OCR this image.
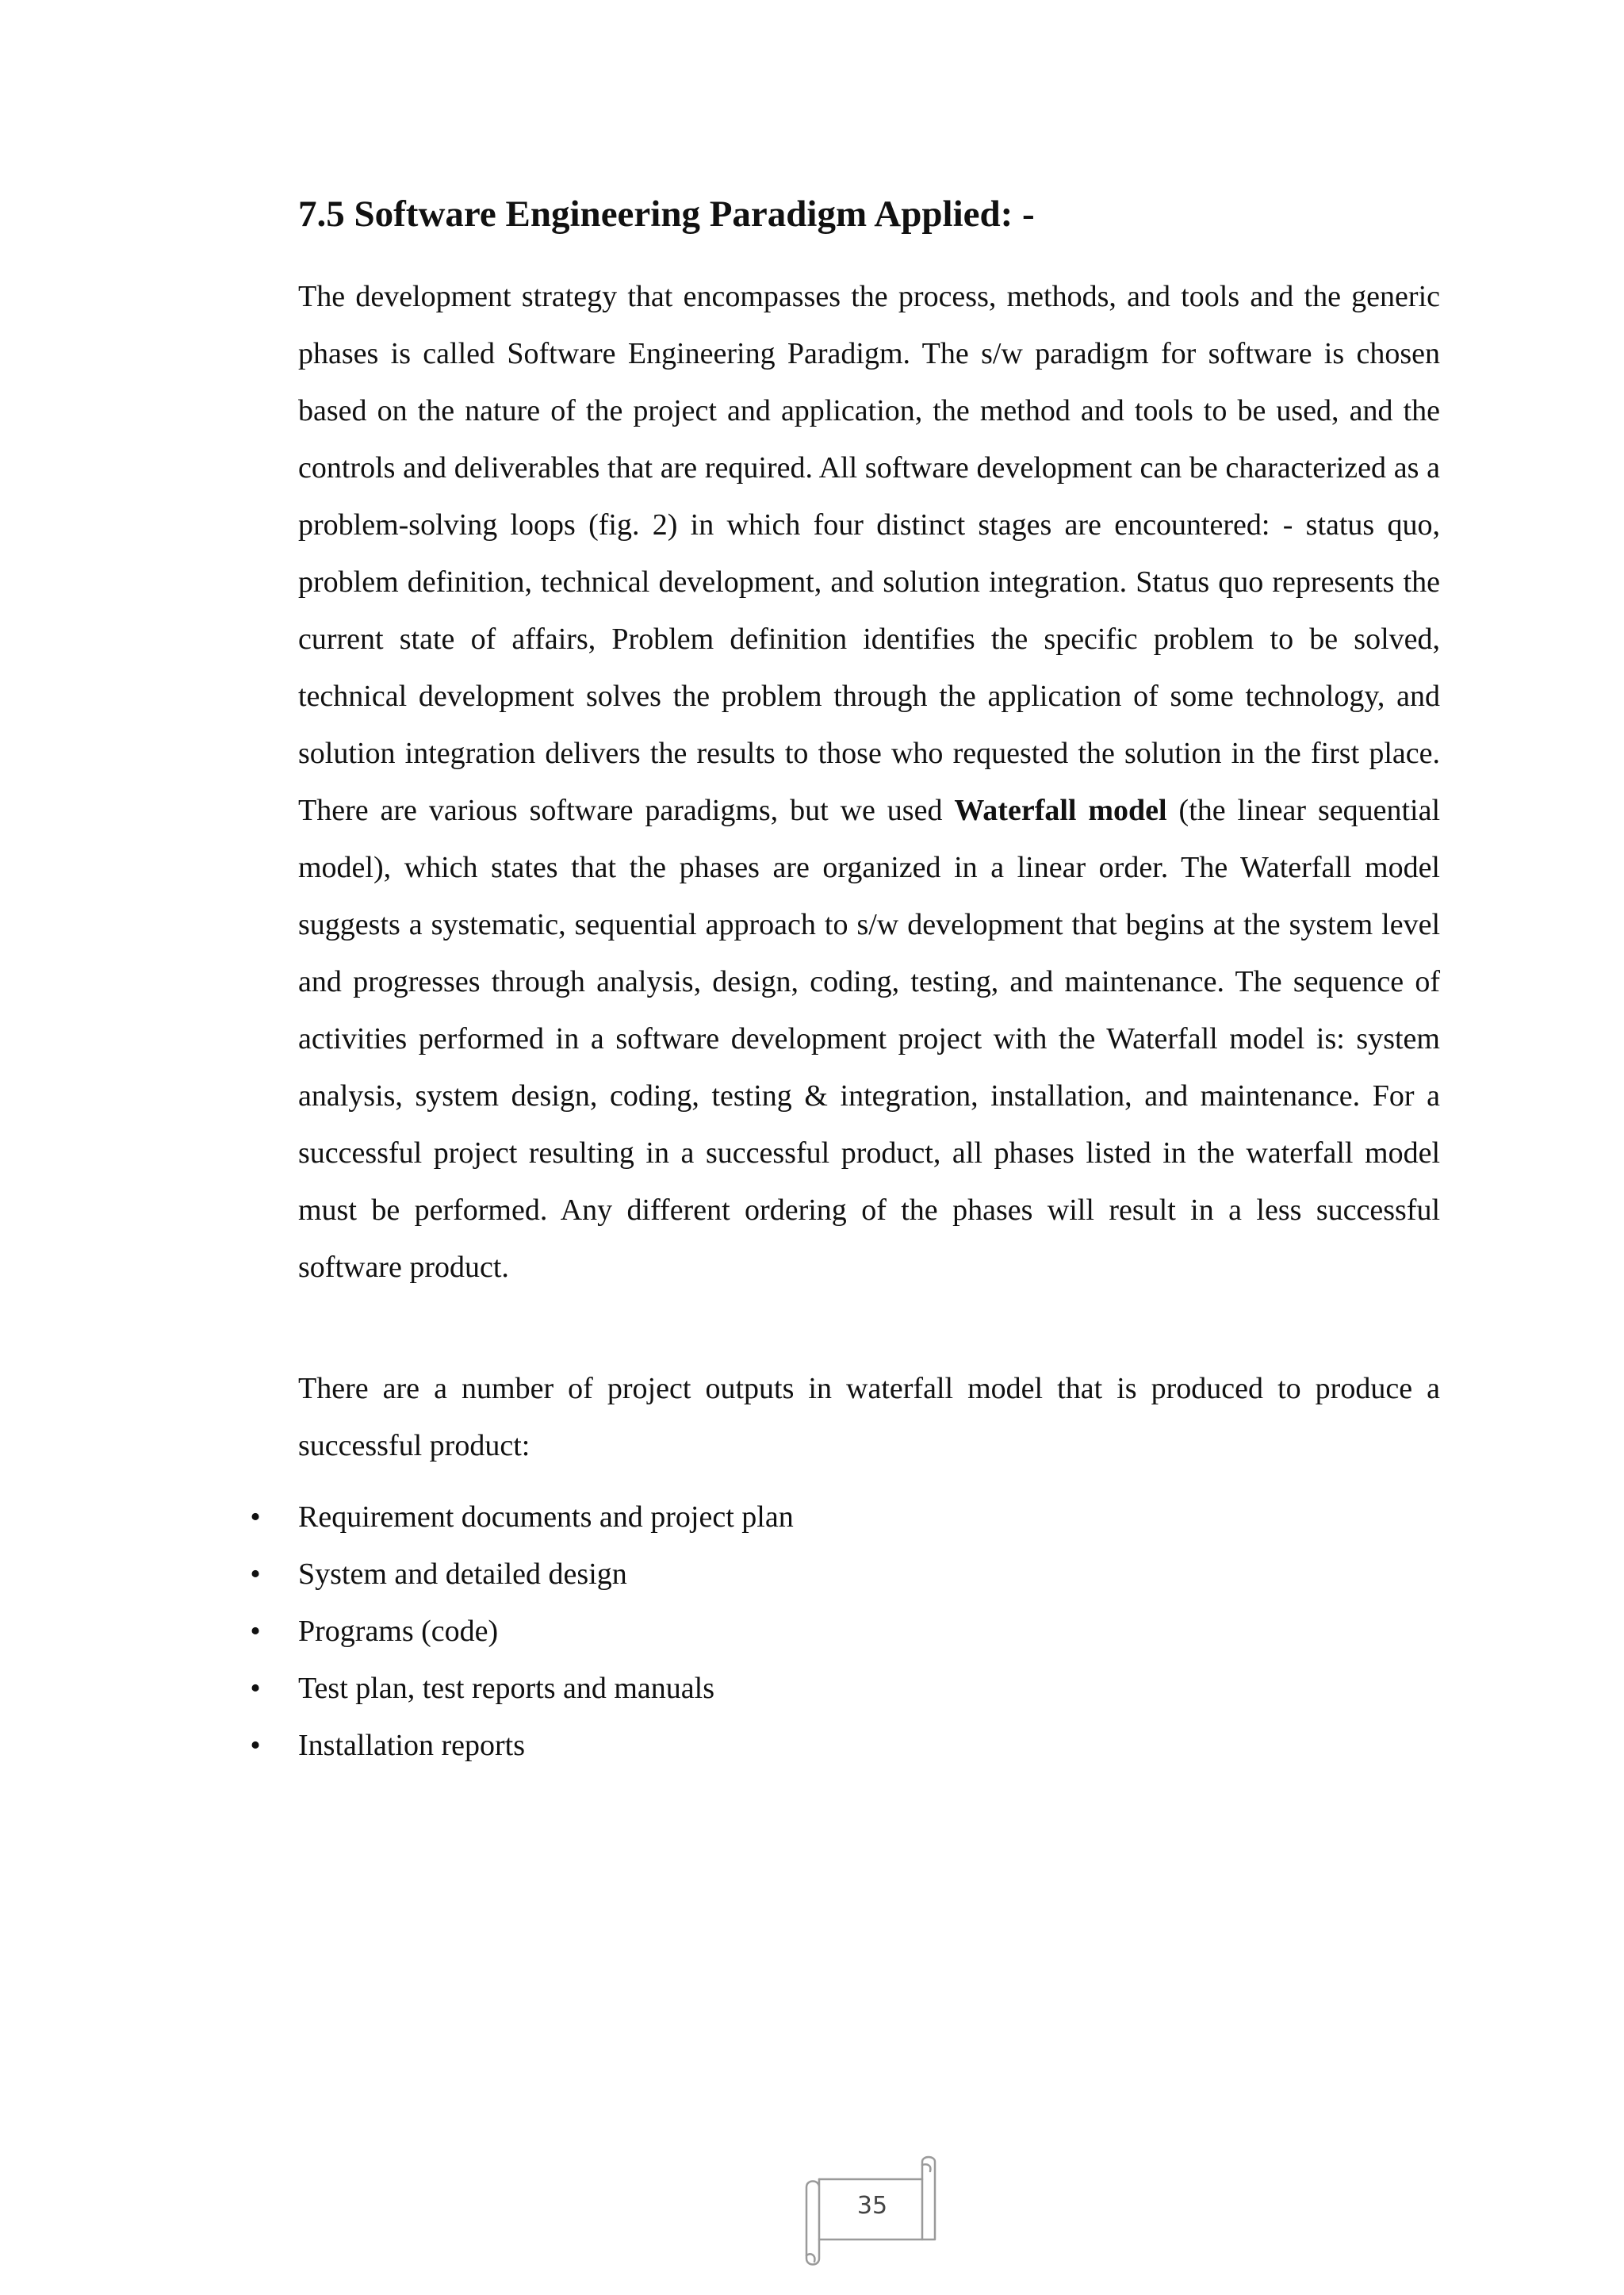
7.5 Software Engineering Paradigm Applied: -

The development strategy that encompasses the process, methods, and tools and the generic phases is called Software Engineering Paradigm. The s/w paradigm for software is chosen based on the nature of the project and application, the method and tools to be used, and the controls and deliverables that are required. All software development can be characterized as a problem-solving loops (fig. 2) in which four distinct stages are encountered: - status quo, problem definition, technical development, and solution integration. Status quo represents the current state of affairs, Problem definition identifies the specific problem to be solved, technical development solves the problem through the application of some technology, and solution integration delivers the results to those who requested the solution in the first place. There are various software paradigms, but we used Waterfall model (the linear sequential model), which states that the phases are organized in a linear order. The Waterfall model suggests a systematic, sequential approach to s/w development that begins at the system level and progresses through analysis, design, coding, testing, and maintenance. The sequence of activities performed in a software development project with the Waterfall model is: system analysis, system design, coding, testing & integration, installation, and maintenance. For a successful project resulting in a successful product, all phases listed in the waterfall model must be performed. Any different ordering of the phases will result in a less successful software product.

There are a number of project outputs in waterfall model that is produced to produce a successful product:

• Requirement documents and project plan
• System and detailed design
• Programs (code)
• Test plan, test reports and manuals
• Installation reports
35
